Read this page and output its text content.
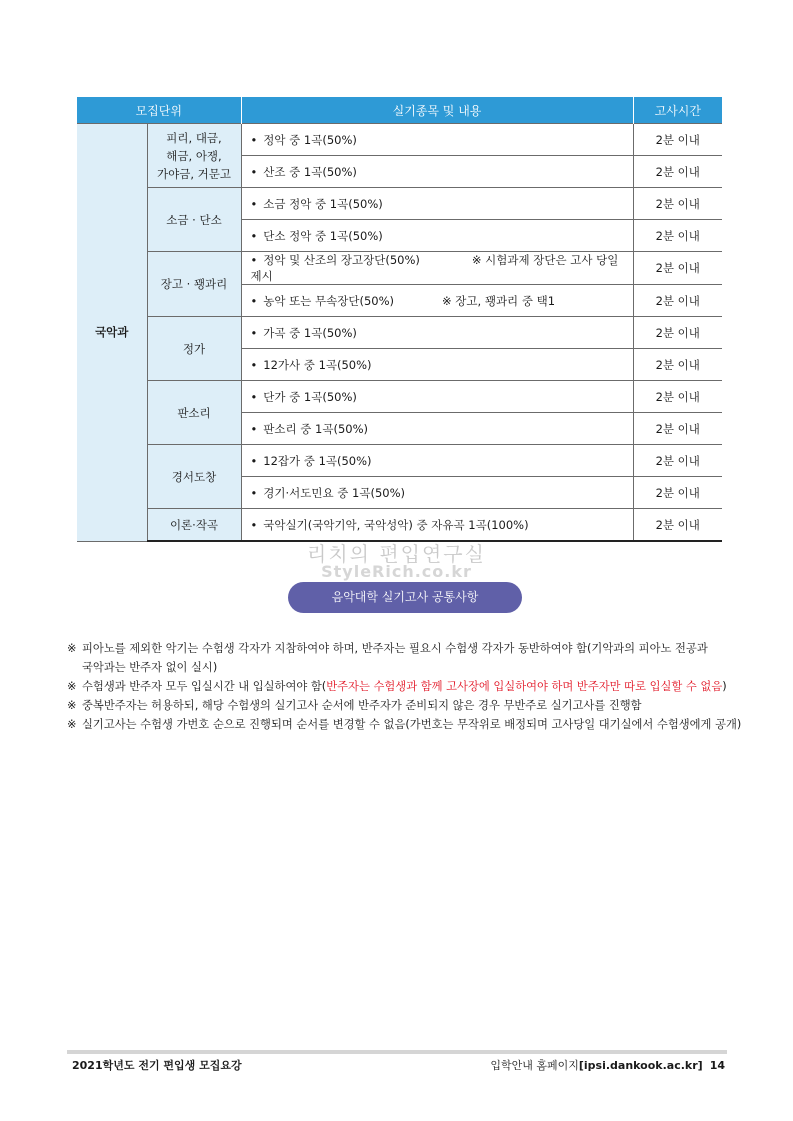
모집단위		실기종목 및 내용	고사시간
국악과	피리, 대금,
해금, 아쟁,
가야금, 거문고	• 정악 중 1곡(50%)	2분 이내
		• 산조 중 1곡(50%)	2분 이내
	소금 · 단소	• 소금 정악 중 1곡(50%)	2분 이내
		• 단소 정악 중 1곡(50%)	2분 이내
	장고 · 꽹과리	• 정악 및 산조의 장고장단(50%) ※ 시험과제 장단은 고사 당일 제시	2분 이내
		• 농악 또는 무속장단(50%) ※ 장고, 꽹과리 중 택1	2분 이내
	정가	• 가곡 중 1곡(50%)	2분 이내
		• 12가사 중 1곡(50%)	2분 이내
	판소리	• 단가 중 1곡(50%)	2분 이내
		• 판소리 중 1곡(50%)	2분 이내
	경서도창	• 12잡가 중 1곡(50%)	2분 이내
		• 경기·서도민요 중 1곡(50%)	2분 이내
	이론·작곡	• 국악실기(국악기악, 국악성악) 중 자유곡 1곡(100%)	2분 이내
리치의 편입연구실
StyleRich.co.kr
음악대학 실기고사 공통사항
※ 피아노를 제외한 악기는 수험생 각자가 지참하여야 하며, 반주자는 필요시 수험생 각자가 동반하여야 함(기악과의 피아노 전공과
국악과는 반주자 없이 실시)
※ 수험생과 반주자 모두 입실시간 내 입실하여야 함(반주자는 수험생과 함께 고사장에 입실하여야 하며 반주자만 따로 입실할 수 없음)
※ 중복반주자는 허용하되, 해당 수험생의 실기고사 순서에 반주자가 준비되지 않은 경우 무반주로 실기고사를 진행함
※ 실기고사는 수험생 가번호 순으로 진행되며 순서를 변경할 수 없음(가번호는 무작위로 배정되며 고사당일 대기실에서 수험생에게 공개)
2021학년도 전기 편입생 모집요강	입학안내 홈페이지[ipsi.dankook.ac.kr] 14
